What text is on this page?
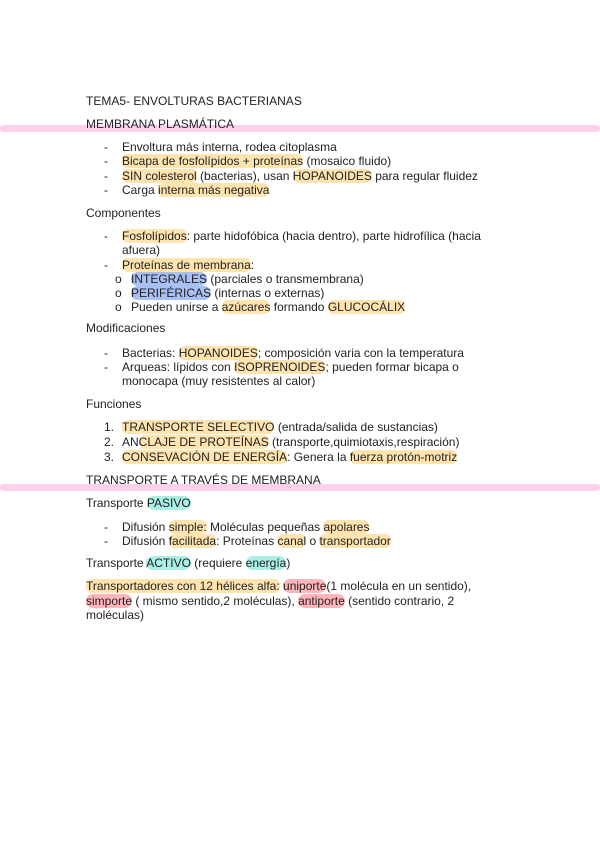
TEMA5- ENVOLTURAS BACTERIANAS
MEMBRANA PLASMÁTICA
- Envoltura más interna, rodea citoplasma
- Bicapa de fosfolípidos + proteínas (mosaico fluido)
- SIN colesterol (bacterias), usan HOPANOIDES para regular fluidez
- Carga interna más negativa
Componentes
- Fosfolípidos: parte hidofóbica (hacia dentro), parte hidrofílica (hacia
afuera)
- Proteínas de membrana:
o INTEGRALES (parciales o transmembrana)
o PERIFÉRICAS (internas o externas)
o Pueden unirse a azúcares formando GLUCOCÁLIX
Modificaciones
- Bacterias: HOPANOIDES; composición varia con la temperatura
- Arqueas: lípidos con ISOPRENOIDES; pueden formar bicapa o
monocapa (muy resistentes al calor)
Funciones
1. TRANSPORTE SELECTIVO (entrada/salida de sustancias)
2. ANCLAJE DE PROTEÍNAS (transporte,quimiotaxis,respiración)
3. CONSEVACIÓN DE ENERGÍA: Genera la fuerza protón-motriz
TRANSPORTE A TRAVÉS DE MEMBRANA
Transporte PASIVO
- Difusión simple: Moléculas pequeñas apolares
- Difusión facilitada: Proteínas canal o transportador
Transporte ACTIVO (requiere energía)
Transportadores con 12 hélices alfa: uniporte(1 molécula en un sentido),
simporte ( mismo sentido,2 moléculas), antiporte (sentido contrario, 2
moléculas)
